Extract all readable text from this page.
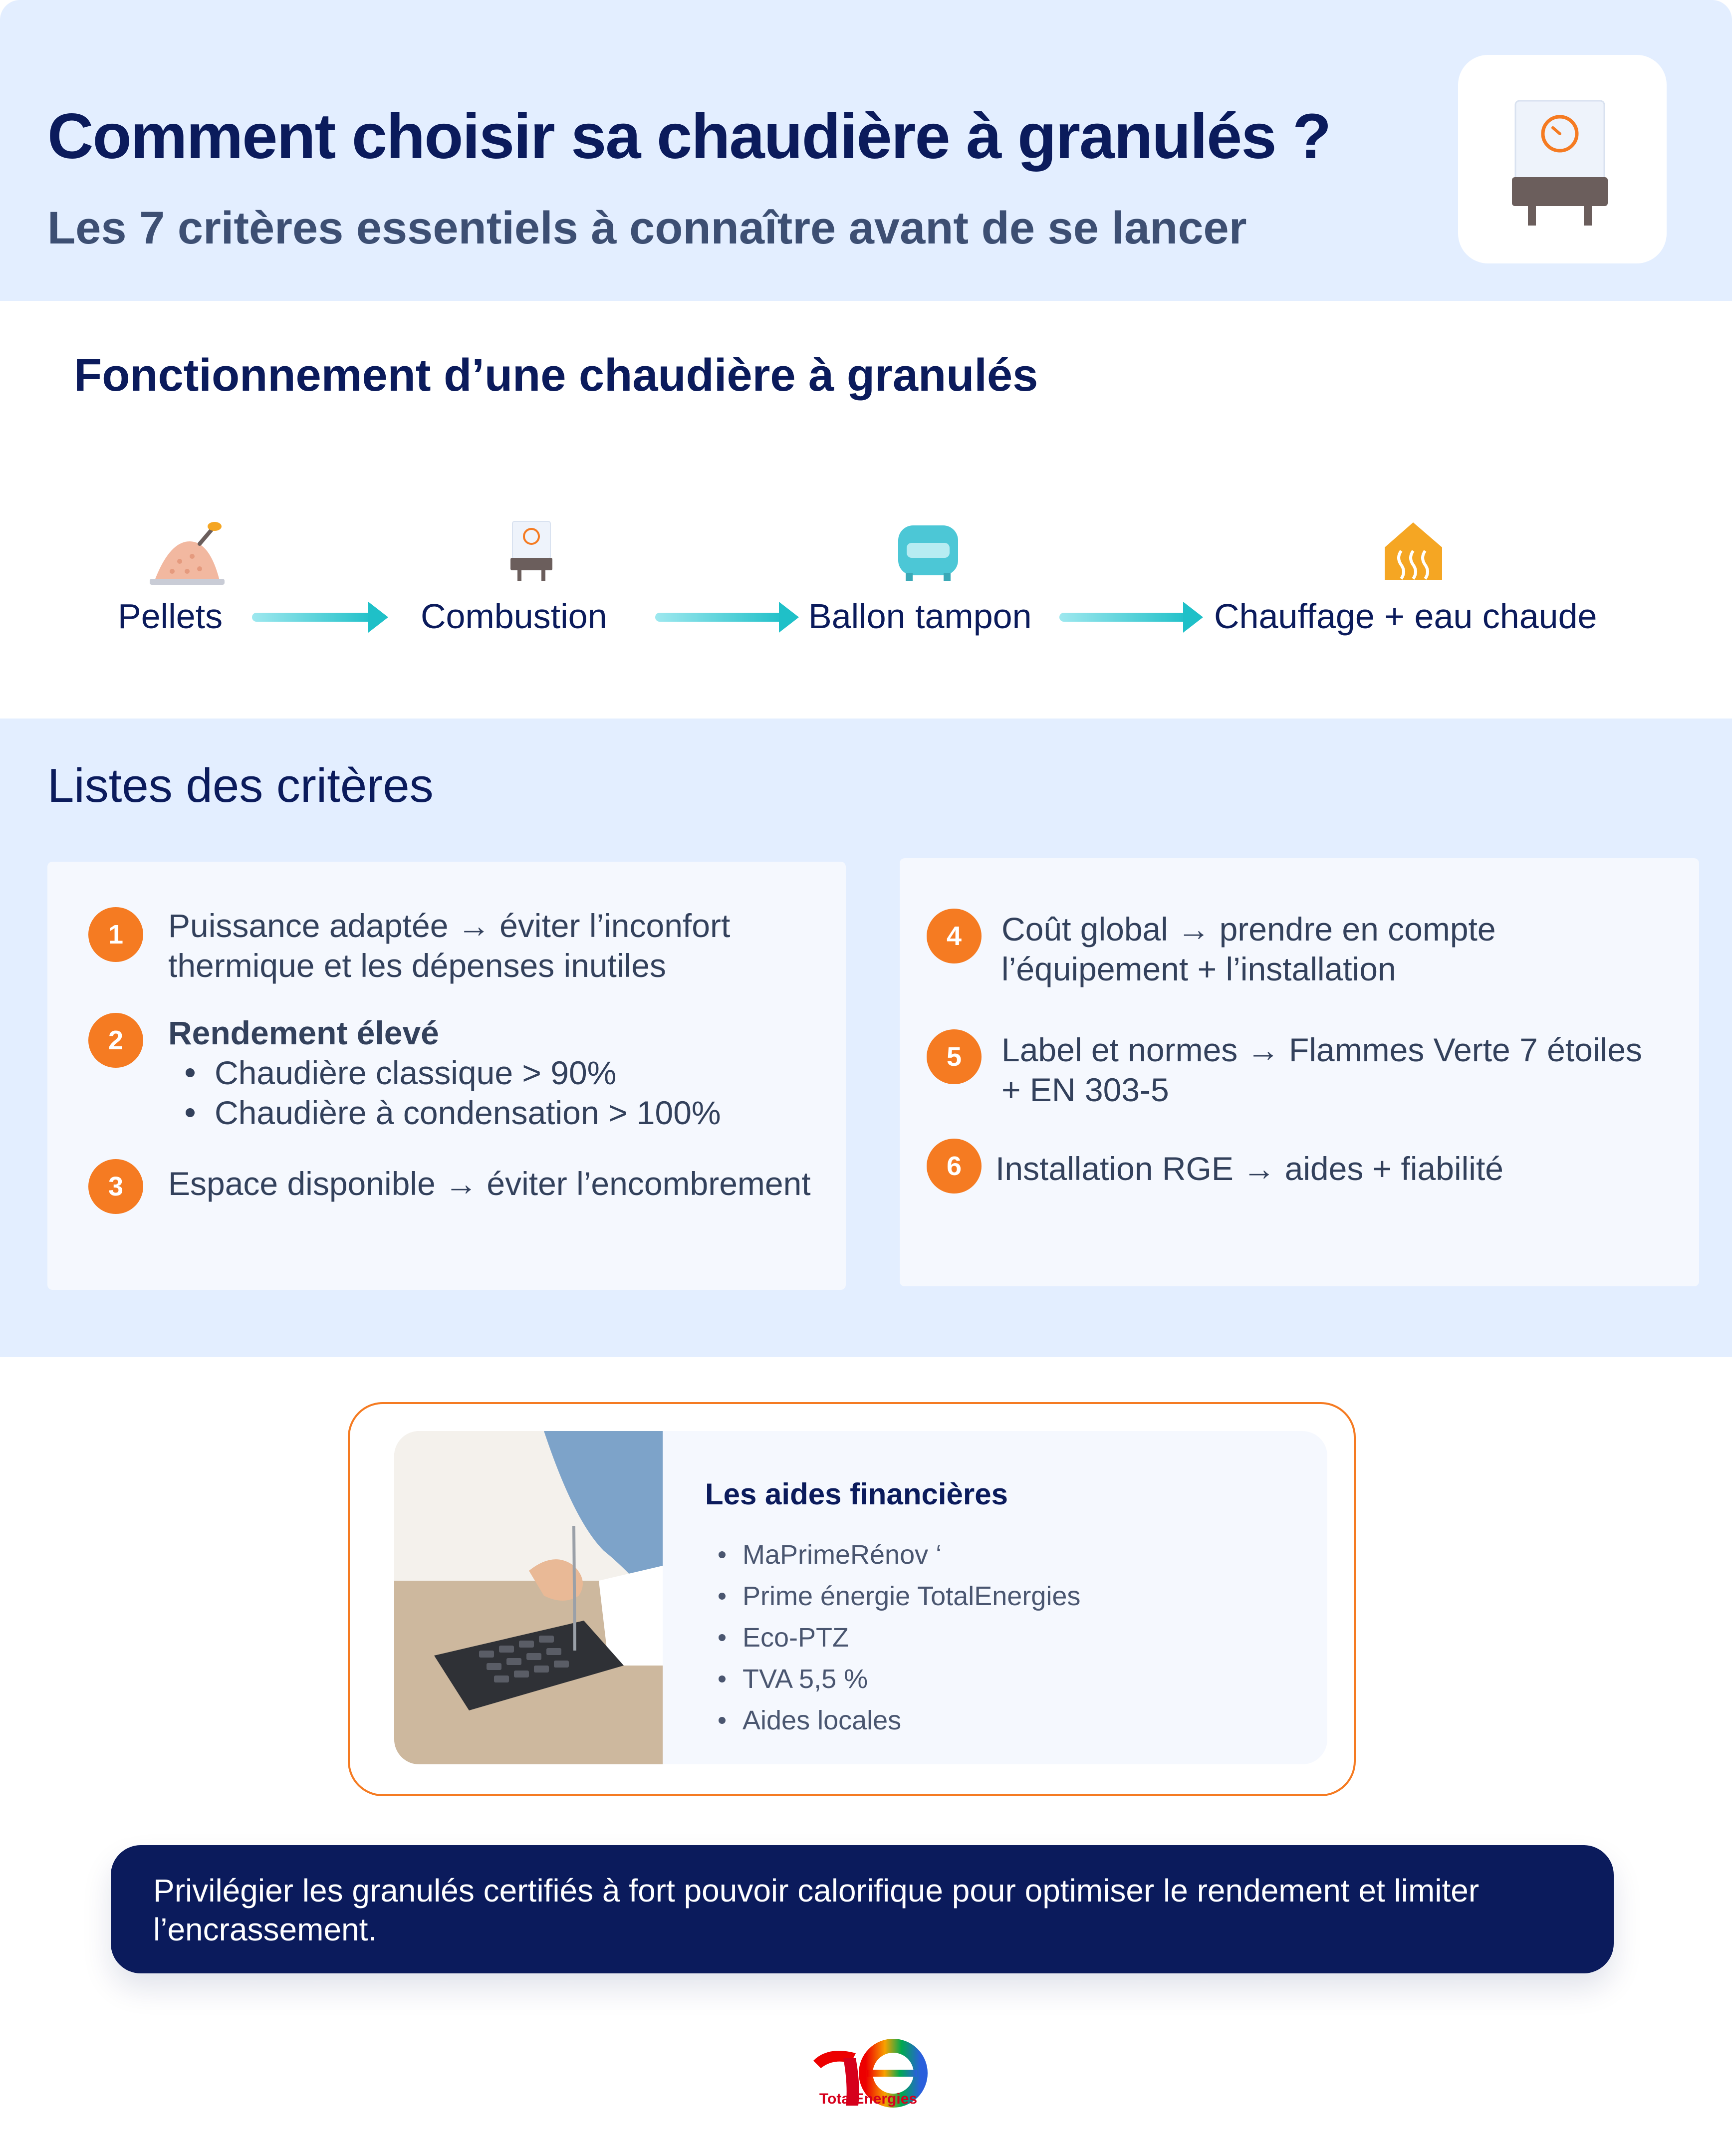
Comment choisir sa chaudière à granulés ?
Les 7 critères essentiels à connaître avant de se lancer
Fonctionnement d’une chaudière à granulés
Pellets	Combustion	Ballon tampon	Chauffage + eau chaude
Listes des critères
1	Puissance adaptée → éviter l’inconfort
thermique et les dépenses inutiles
2	Rendement élevé
Chaudière classique > 90%
Chaudière à condensation > 100%
3	Espace disponible → éviter l’encombrement
4	Coût global → prendre en compte
l’équipement + l’installation
5	Label et normes → Flammes Verte 7 étoiles
+ EN 303-5
6	Installation RGE → aides + fiabilité
Les aides financières
MaPrimeRénov ‘
Prime énergie TotalEnergies
Eco-PTZ
TVA 5,5 %
Aides locales
Privilégier les granulés certifiés à fort pouvoir calorifique pour optimiser le rendement et limiter l’encrassement.
TotalEnergies
